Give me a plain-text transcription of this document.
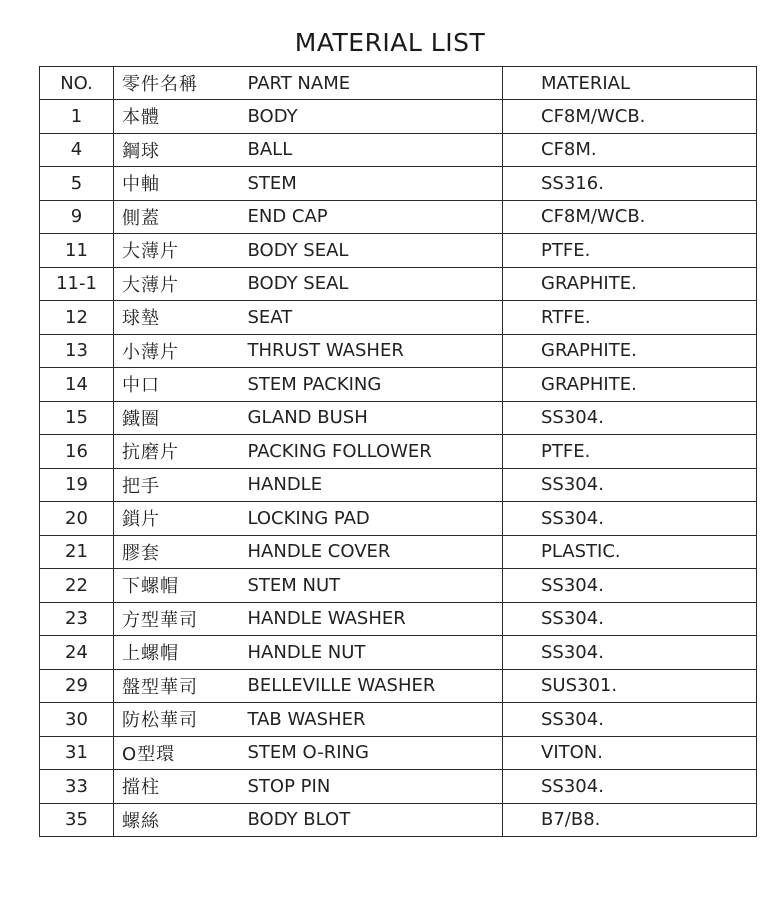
MATERIAL LIST
NO.	零件名稱	PART NAME	MATERIAL
1	本體	BODY	CF8M/WCB.
4	鋼球	BALL	CF8M.
5	中軸	STEM	SS316.
9	側蓋	END CAP	CF8M/WCB.
11	大薄片	BODY SEAL	PTFE.
11-1	大薄片	BODY SEAL	GRAPHITE.
12	球墊	SEAT	RTFE.
13	小薄片	THRUST WASHER	GRAPHITE.
14	中口	STEM PACKING	GRAPHITE.
15	鐵圈	GLAND BUSH	SS304.
16	抗磨片	PACKING FOLLOWER	PTFE.
19	把手	HANDLE	SS304.
20	鎖片	LOCKING PAD	SS304.
21	膠套	HANDLE COVER	PLASTIC.
22	下螺帽	STEM NUT	SS304.
23	方型華司	HANDLE WASHER	SS304.
24	上螺帽	HANDLE NUT	SS304.
29	盤型華司	BELLEVILLE WASHER	SUS301.
30	防松華司	TAB WASHER	SS304.
31	O型環	STEM O-RING	VITON.
33	擋柱	STOP PIN	SS304.
35	螺絲	BODY BLOT	B7/B8.
